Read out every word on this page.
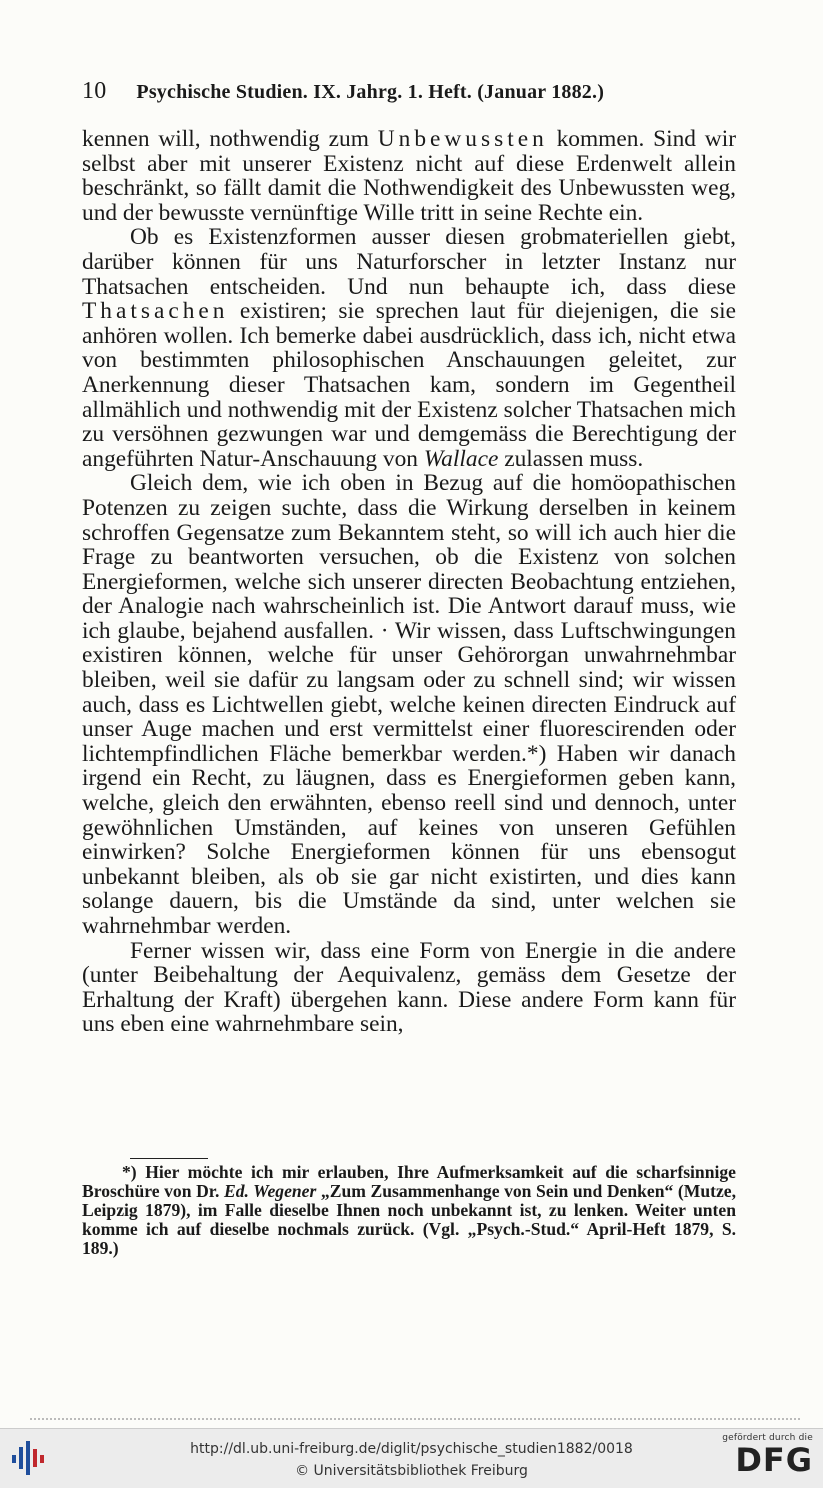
10 Psychische Studien. IX. Jahrg. 1. Heft. (Januar 1882.)

kennen will, nothwendig zum Unbewussten kommen. Sind wir selbst aber mit unserer Existenz nicht auf diese Erdenwelt allein beschränkt, so fällt damit die Nothwendigkeit des Unbewussten weg, und der bewusste vernünftige Wille tritt in seine Rechte ein.

Ob es Existenzformen ausser diesen grobmateriellen giebt, darüber können für uns Naturforscher in letzter Instanz nur Thatsachen entscheiden. Und nun behaupte ich, dass diese Thatsachen existiren; sie sprechen laut für diejenigen, die sie anhören wollen. Ich bemerke dabei ausdrücklich, dass ich, nicht etwa von bestimmten philosophischen Anschauungen geleitet, zur Anerkennung dieser Thatsachen kam, sondern im Gegentheil allmählich und nothwendig mit der Existenz solcher Thatsachen mich zu versöhnen gezwungen war und demgemäss die Berechtigung der angeführten Natur-Anschauung von Wallace zulassen muss.

Gleich dem, wie ich oben in Bezug auf die homöopathischen Potenzen zu zeigen suchte, dass die Wirkung derselben in keinem schroffen Gegensatze zum Bekanntem steht, so will ich auch hier die Frage zu beantworten versuchen, ob die Existenz von solchen Energieformen, welche sich unserer directen Beobachtung entziehen, der Analogie nach wahrscheinlich ist. Die Antwort darauf muss, wie ich glaube, bejahend ausfallen. · Wir wissen, dass Luftschwingungen existiren können, welche für unser Gehörorgan unwahrnehmbar bleiben, weil sie dafür zu langsam oder zu schnell sind; wir wissen auch, dass es Lichtwellen giebt, welche keinen directen Eindruck auf unser Auge machen und erst vermittelst einer fluorescirenden oder lichtempfindlichen Fläche bemerkbar werden.*) Haben wir danach irgend ein Recht, zu läugnen, dass es Energieformen geben kann, welche, gleich den erwähnten, ebenso reell sind und dennoch, unter gewöhnlichen Umständen, auf keines von unseren Gefühlen einwirken? Solche Energieformen können für uns ebensogut unbekannt bleiben, als ob sie gar nicht existirten, und dies kann solange dauern, bis die Umstände da sind, unter welchen sie wahrnehmbar werden.

Ferner wissen wir, dass eine Form von Energie in die andere (unter Beibehaltung der Aequivalenz, gemäss dem Gesetze der Erhaltung der Kraft) übergehen kann. Diese andere Form kann für uns eben eine wahrnehmbare sein,

*) Hier möchte ich mir erlauben, Ihre Aufmerksamkeit auf die scharfsinnige Broschüre von Dr. Ed. Wegener „Zum Zusammenhange von Sein und Denken“ (Mutze, Leipzig 1879), im Falle dieselbe Ihnen noch unbekannt ist, zu lenken. Weiter unten komme ich auf dieselbe nochmals zurück. (Vgl. „Psych.-Stud.“ April-Heft 1879, S. 189.)
http://dl.ub.uni-freiburg.de/diglit/psychische_studien1882/0018
© Universitätsbibliothek Freiburg
gefördert durch die
DFG
